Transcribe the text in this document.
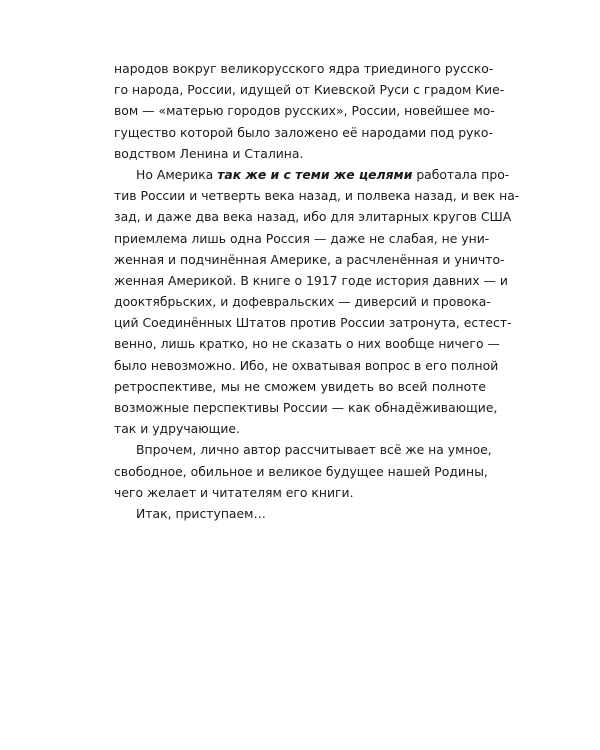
народов вокруг великорусского ядра триединого русско-
го народа, России, идущей от Киевской Руси с градом Кие-
вом — «матерью городов русских», России, новейшее мо-
гущество которой было заложено её народами под руко-
водством Ленина и Сталина.
Но Америка так же и с теми же целями работала про-
тив России и четверть века назад, и полвека назад, и век на-
зад, и даже два века назад, ибо для элитарных кругов США
приемлема лишь одна Россия — даже не слабая, не уни-
женная и подчинённая Америке, а расчленённая и уничто-
женная Америкой. В книге о 1917 годе история давних — и
дооктябрьских, и дофевральских — диверсий и провока-
ций Соединённых Штатов против России затронута, естест-
венно, лишь кратко, но не сказать о них вообще ничего —
было невозможно. Ибо, не охватывая вопрос в его полной
ретроспективе, мы не сможем увидеть во всей полноте
возможные перспективы России — как обнадёживающие,
так и удручающие.
Впрочем, лично автор рассчитывает всё же на умное,
свободное, обильное и великое будущее нашей Родины,
чего желает и читателям его книги.
Итак, приступаем…
